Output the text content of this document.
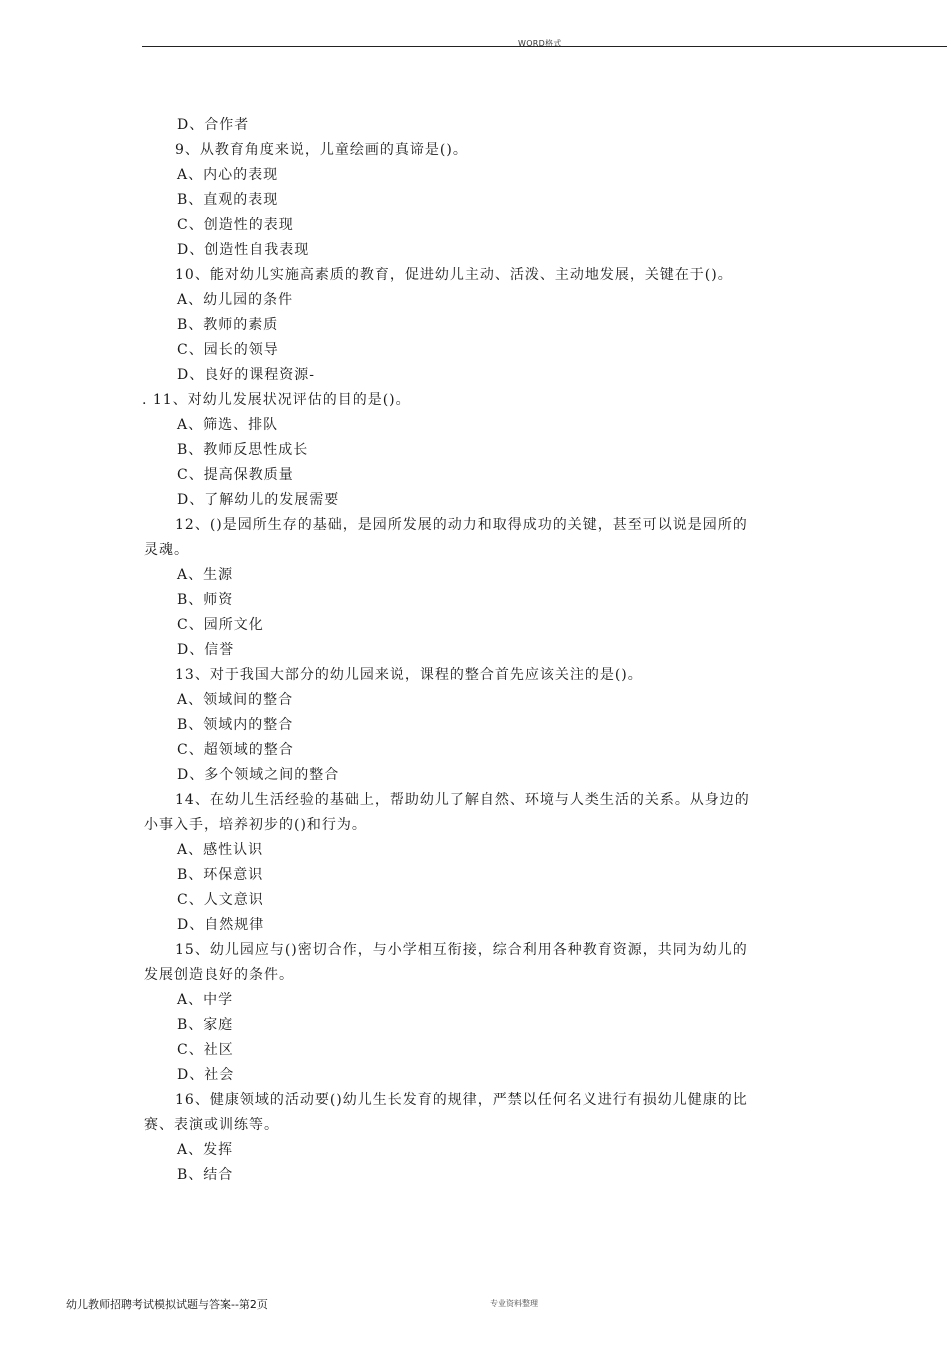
WORD格式
D、合作者
9、从教育角度来说，儿童绘画的真谛是()。
A、内心的表现
B、直观的表现
C、创造性的表现
D、创造性自我表现
10、能对幼儿实施高素质的教育，促进幼儿主动、活泼、主动地发展，关键在于()。
A、幼儿园的条件
B、教师的素质
C、园长的领导
D、良好的课程资源-
. 11、对幼儿发展状况评估的目的是()。
A、筛选、排队
B、教师反思性成长
C、提高保教质量
D、了解幼儿的发展需要
12、()是园所生存的基础，是园所发展的动力和取得成功的关键，甚至可以说是园所的
灵魂。
A、生源
B、师资
C、园所文化
D、信誉
13、对于我国大部分的幼儿园来说，课程的整合首先应该关注的是()。
A、领域间的整合
B、领域内的整合
C、超领域的整合
D、多个领域之间的整合
14、在幼儿生活经验的基础上，帮助幼儿了解自然、环境与人类生活的关系。从身边的
小事入手，培养初步的()和行为。
A、感性认识
B、环保意识
C、人文意识
D、自然规律
15、幼儿园应与()密切合作，与小学相互衔接，综合利用各种教育资源，共同为幼儿的
发展创造良好的条件。
A、中学
B、家庭
C、社区
D、社会
16、健康领域的活动要()幼儿生长发育的规律，严禁以任何名义进行有损幼儿健康的比
赛、表演或训练等。
A、发挥
B、结合
幼儿教师招聘考试模拟试题与答案--第2页	专业资料整理
